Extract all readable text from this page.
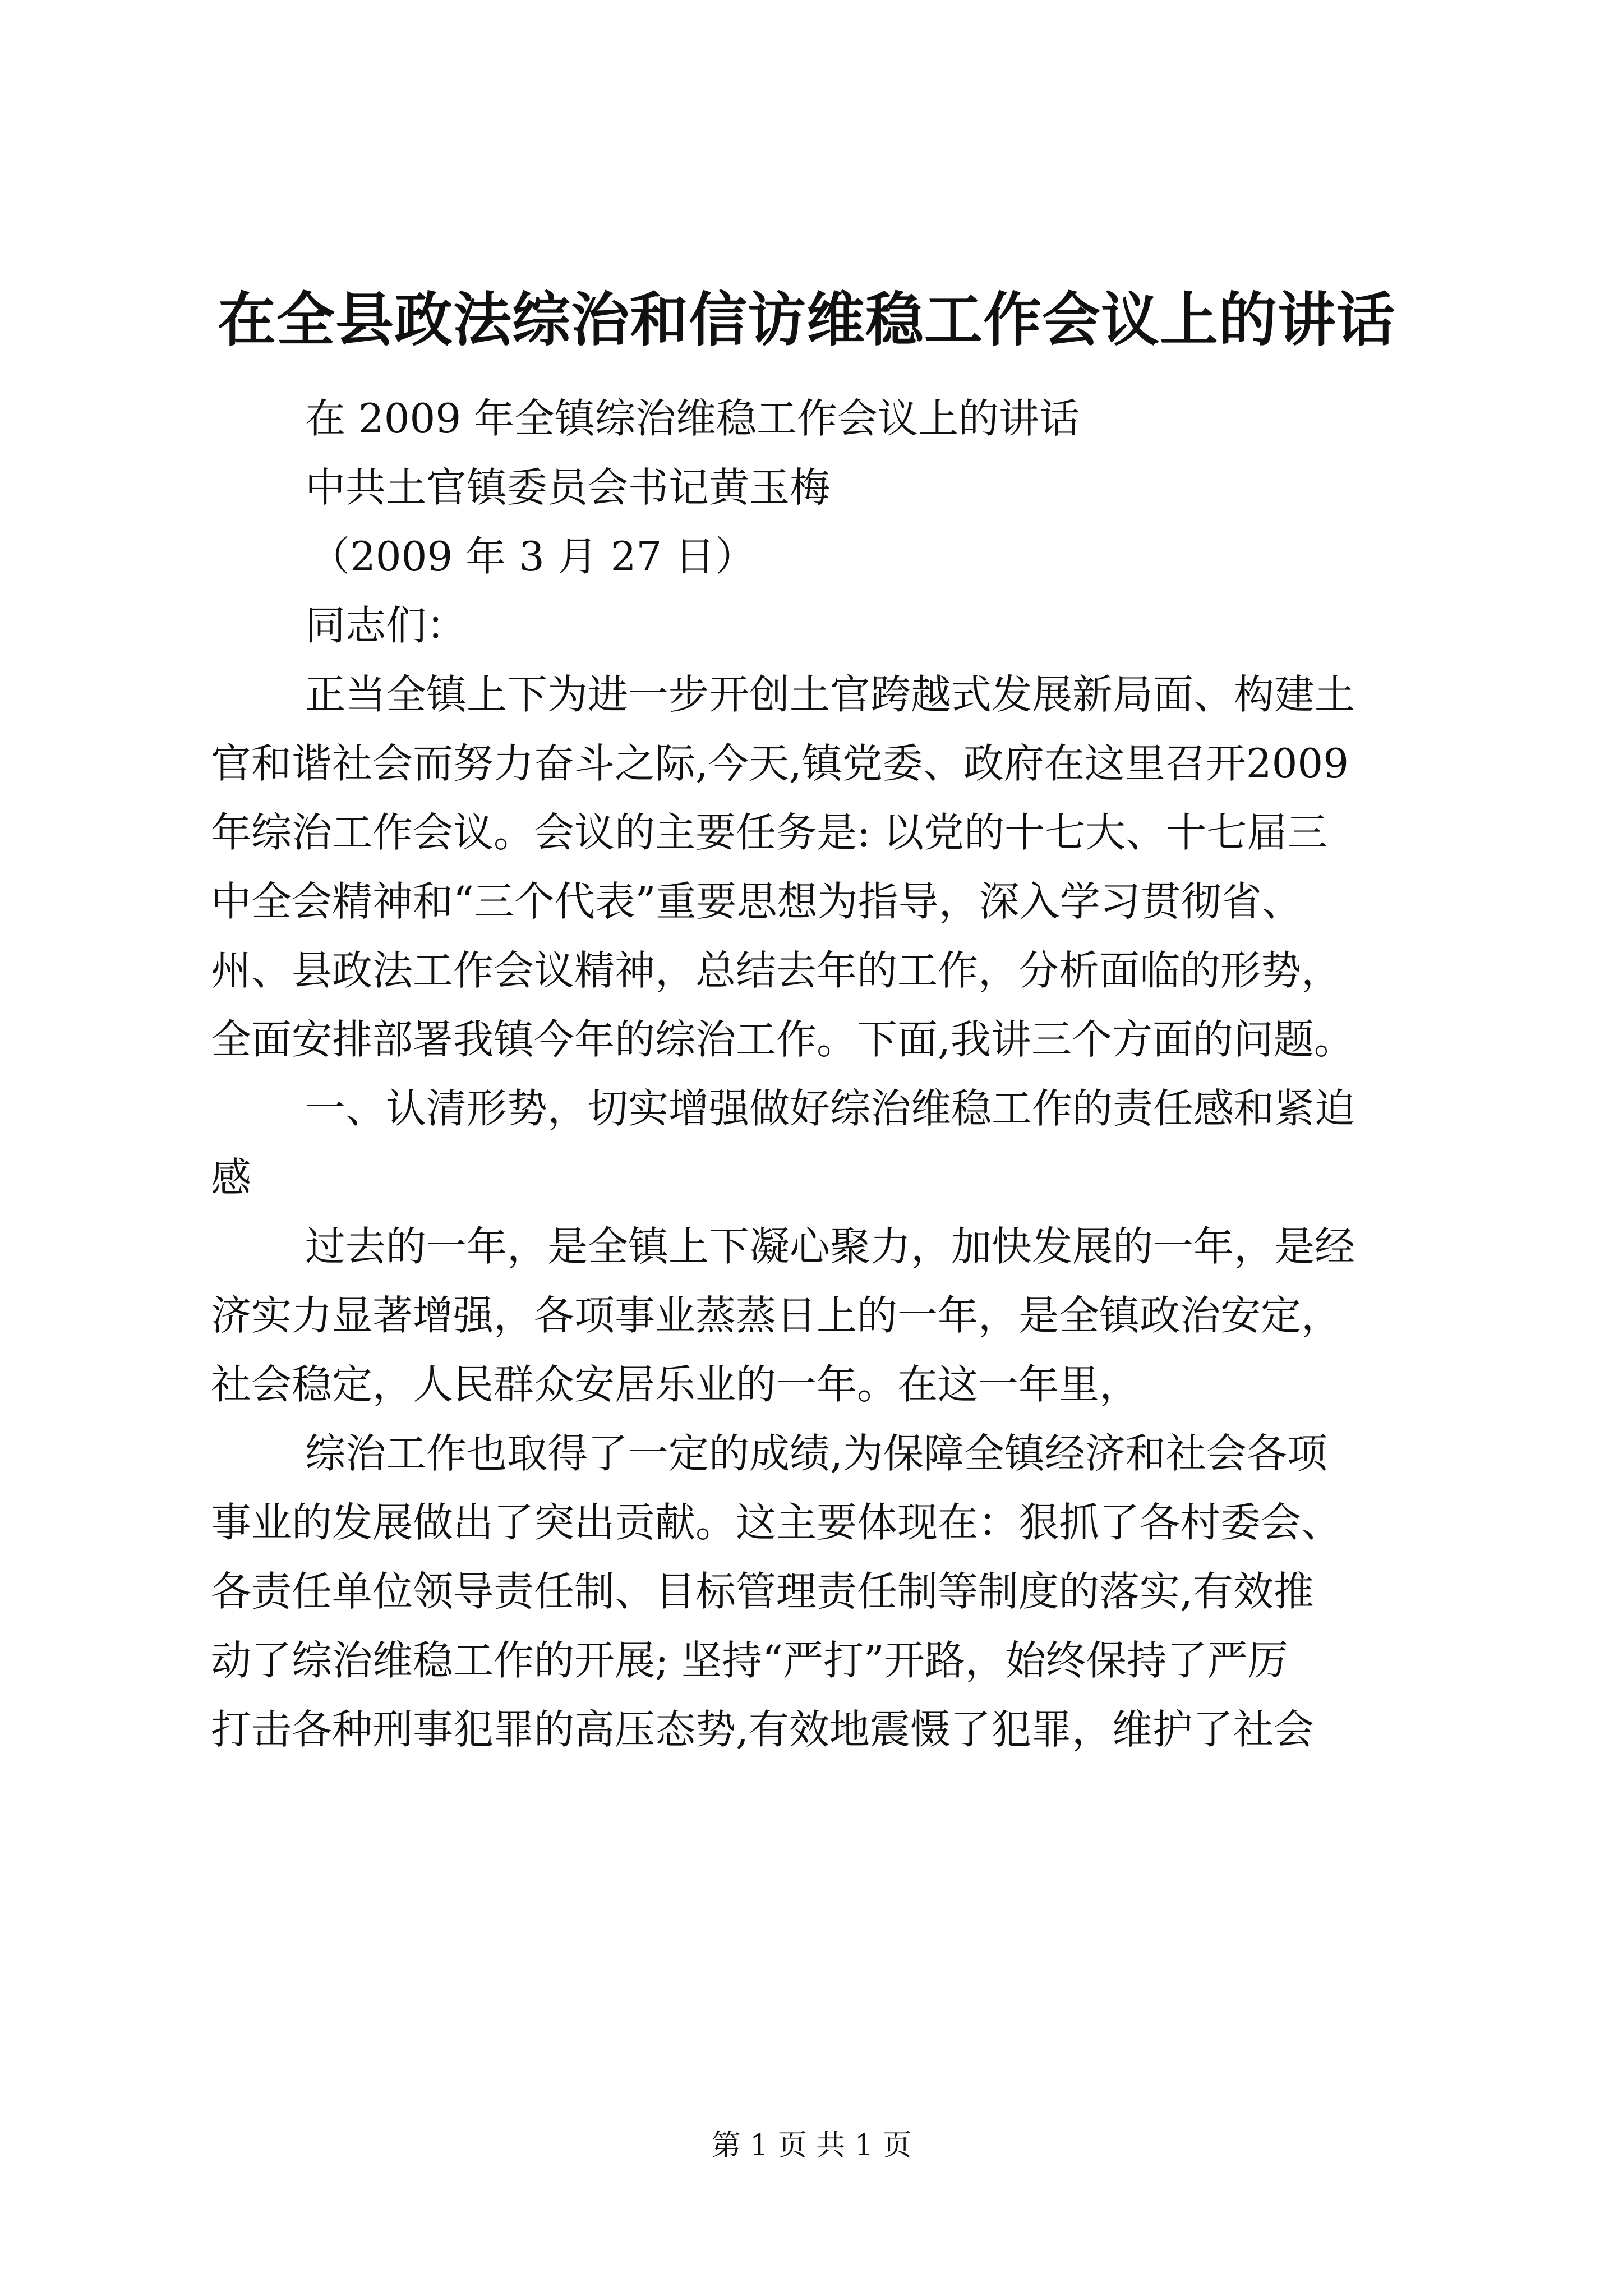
在全县政法综治和信访维稳工作会议上的讲话
在 2009 年全镇综治维稳工作会议上的讲话
中共土官镇委员会书记黄玉梅
（2009 年 3 月 27 日）
同志们：
正当全镇上下为进一步开创土官跨越式发展新局面、构建土
官和谐社会而努力奋斗之际,今天,镇党委、政府在这里召开2009
年综治工作会议。会议的主要任务是: 以党的十七大、十七届三
中全会精神和“三个代表”重要思想为指导，深入学习贯彻省、
州、县政法工作会议精神，总结去年的工作，分析面临的形势，
全面安排部署我镇今年的综治工作。下面,我讲三个方面的问题。
一、认清形势，切实增强做好综治维稳工作的责任感和紧迫
感
过去的一年，是全镇上下凝心聚力，加快发展的一年，是经
济实力显著增强，各项事业蒸蒸日上的一年，是全镇政治安定，
社会稳定，人民群众安居乐业的一年。在这一年里，
综治工作也取得了一定的成绩,为保障全镇经济和社会各项
事业的发展做出了突出贡献。这主要体现在：狠抓了各村委会、
各责任单位领导责任制、目标管理责任制等制度的落实,有效推
动了综治维稳工作的开展; 坚持“严打”开路，始终保持了严厉
打击各种刑事犯罪的高压态势,有效地震慑了犯罪，维护了社会
第 1 页 共 1 页
